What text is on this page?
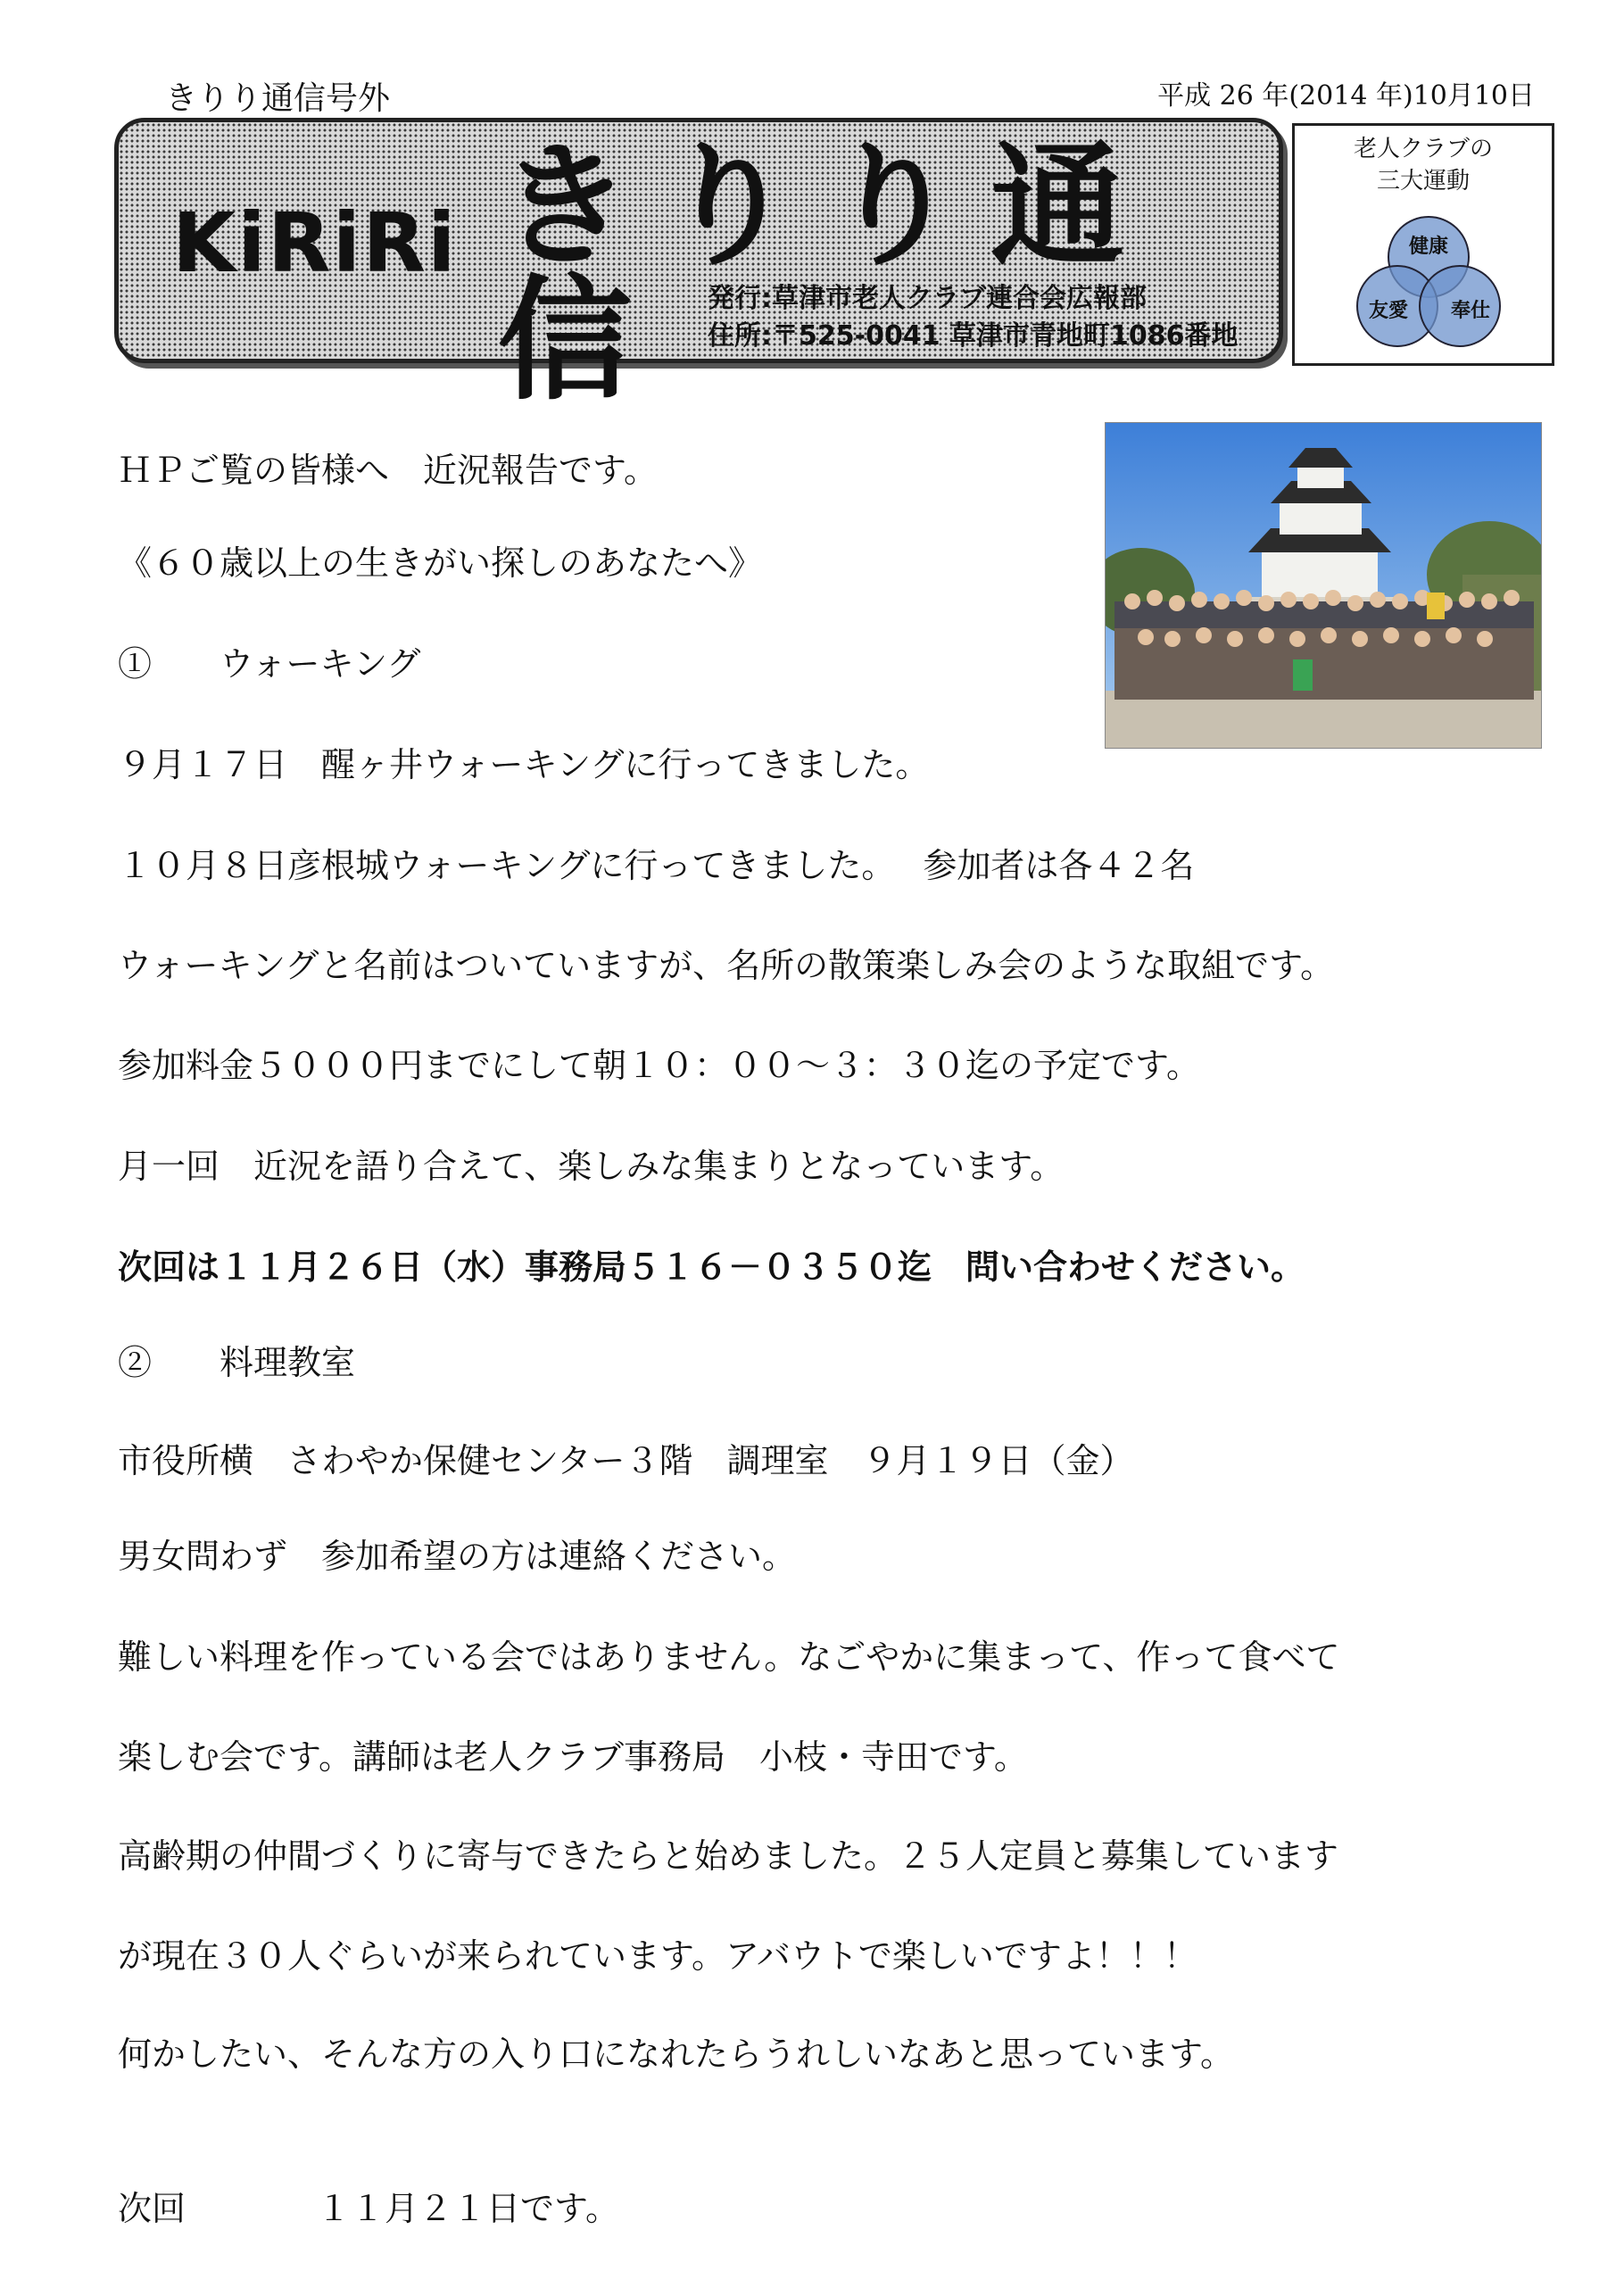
きりり通信号外	平成 26 年(2014 年)10月10日
KiRiRi きりり通信	発行:草津市老人クラブ連合会広報部
住所:〒525-0041 草津市青地町1086番地
老人クラブの
三大運動
健康
友愛 奉仕
ＨＰご覧の皆様へ　近況報告です。
《６０歳以上の生きがい探しのあなたへ》
①　　ウォーキング
９月１７日　醒ヶ井ウォーキングに行ってきました。
１０月８日彦根城ウォーキングに行ってきました。　 参加者は各４２名
ウォーキングと名前はついていますが、名所の散策楽しみ会のような取組です。
参加料金５０００円までにして朝１０：００～３：３０迄の予定です。
月一回　近況を語り合えて、楽しみな集まりとなっています。
次回は１１月２６日（水）事務局５１６－０３５０迄　問い合わせください。
②　　料理教室
市役所横　さわやか保健センター３階　調理室　９月１９日（金）
男女問わず　参加希望の方は連絡ください。
難しい料理を作っている会ではありません。なごやかに集まって、作って食べて
楽しむ会です。講師は老人クラブ事務局　小枝・寺田です。
高齢期の仲間づくりに寄与できたらと始めました。２５人定員と募集しています
が現在３０人ぐらいが来られています。アバウトで楽しいですよ！！！
何かしたい、そんな方の入り口になれたらうれしいなあと思っています。
次回	１１月２１日です。
